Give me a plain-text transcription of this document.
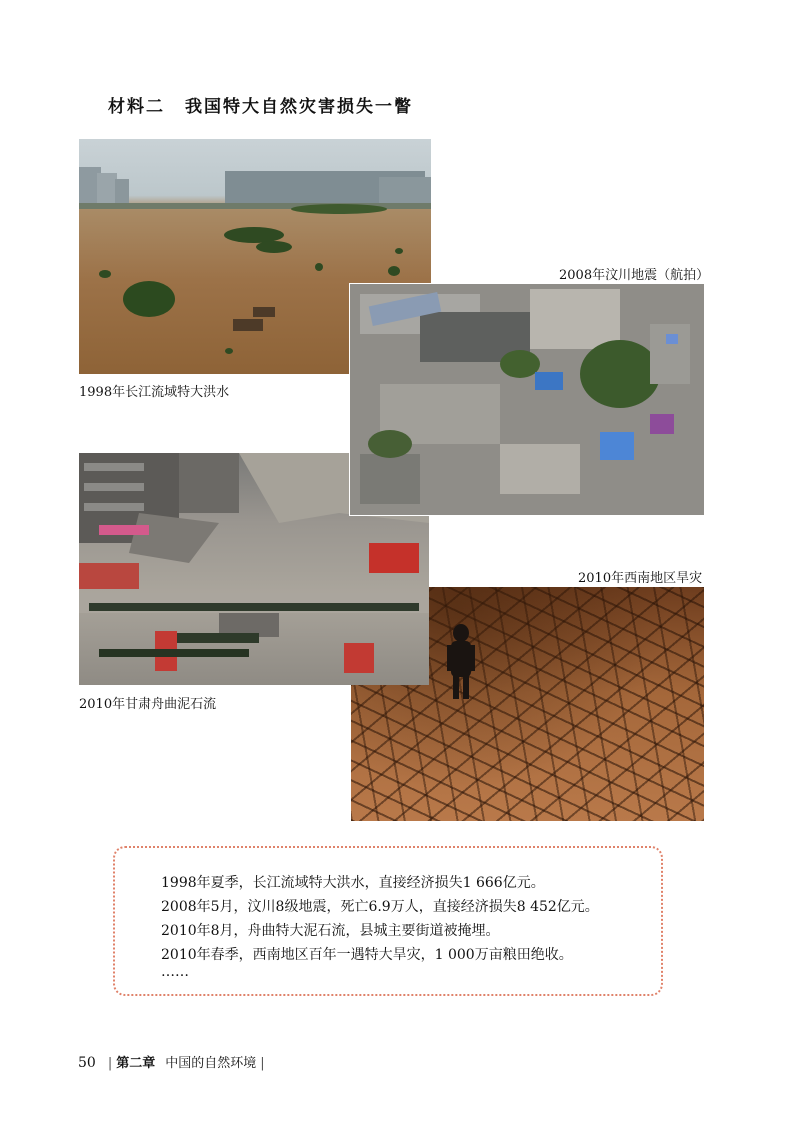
材料二 我国特大自然灾害损失一瞥
1998年长江流域特大洪水
2008年汶川地震（航拍）
2010年甘肃舟曲泥石流
2010年西南地区旱灾
1998年夏季，长江流域特大洪水，直接经济损失1 666亿元。
2008年5月，汶川8级地震，死亡6.9万人，直接经济损失8 452亿元。
2010年8月，舟曲特大泥石流，县城主要街道被掩埋。
2010年春季，西南地区百年一遇特大旱灾，1 000万亩粮田绝收。
……
50 | 第二章 中国的自然环境 |
